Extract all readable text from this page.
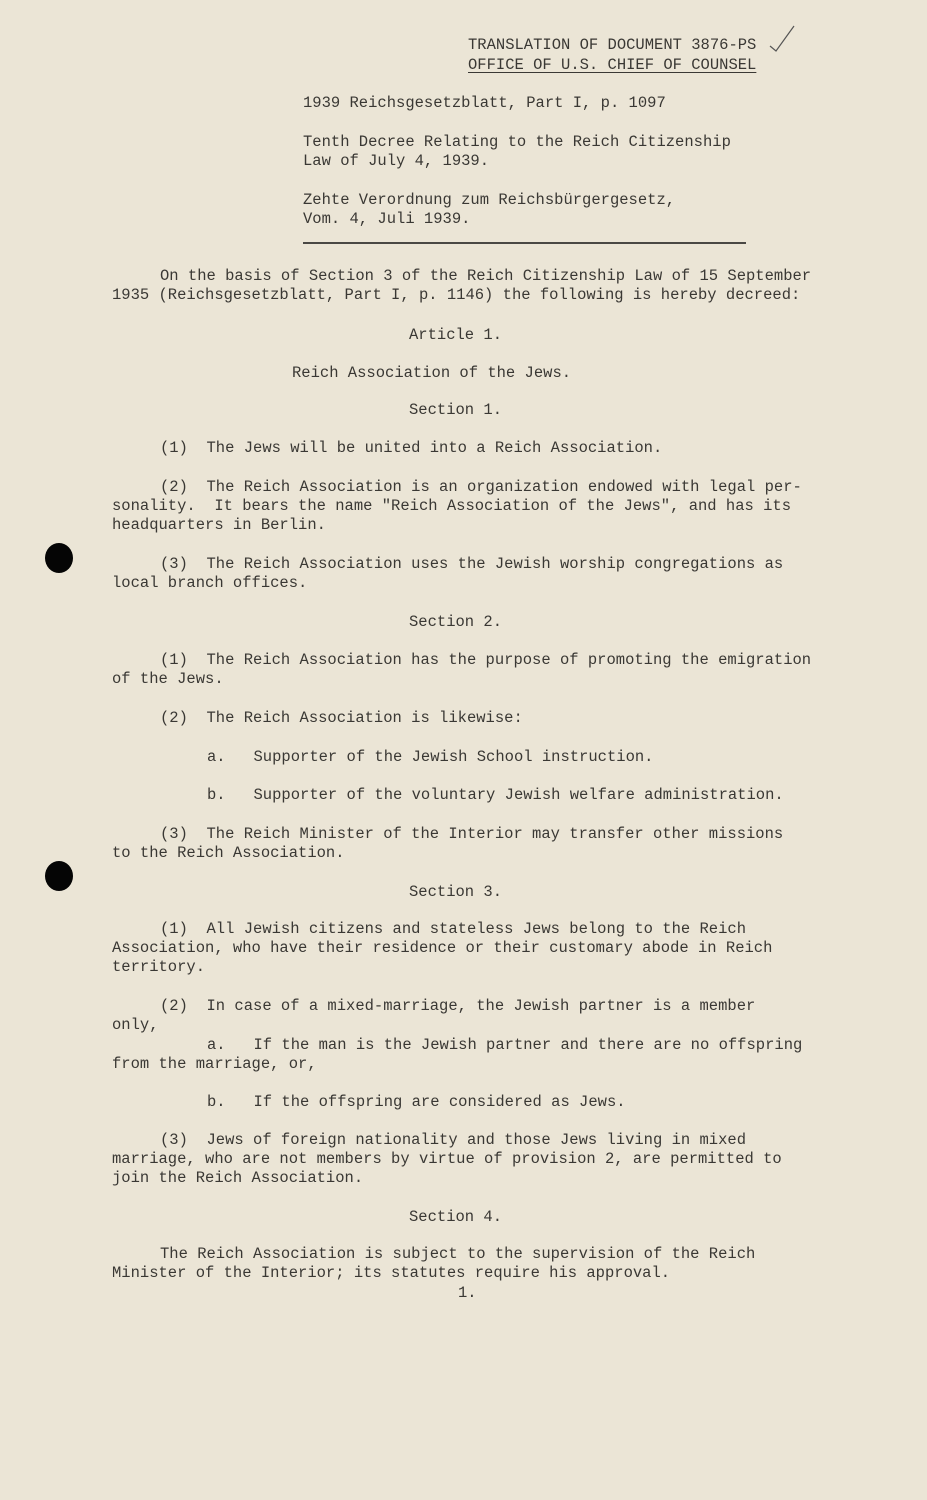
TRANSLATION OF DOCUMENT 3876-PS
OFFICE OF U.S. CHIEF OF COUNSEL
1939 Reichsgesetzblatt, Part I, p. 1097
Tenth Decree Relating to the Reich Citizenship
Law of July 4, 1939.
Zehte Verordnung zum Reichsbürgergesetz,
Vom. 4, Juli 1939.
On the basis of Section 3 of the Reich Citizenship Law of 15 September
1935 (Reichsgesetzblatt, Part I, p. 1146) the following is hereby decreed:
Article 1.
Reich Association of the Jews.
Section 1.
(1)  The Jews will be united into a Reich Association.
(2)  The Reich Association is an organization endowed with legal per-
sonality.  It bears the name "Reich Association of the Jews", and has its
headquarters in Berlin.
(3)  The Reich Association uses the Jewish worship congregations as
local branch offices.
Section 2.
(1)  The Reich Association has the purpose of promoting the emigration
of the Jews.
(2)  The Reich Association is likewise:
a.   Supporter of the Jewish School instruction.
b.   Supporter of the voluntary Jewish welfare administration.
(3)  The Reich Minister of the Interior may transfer other missions
to the Reich Association.
Section 3.
(1)  All Jewish citizens and stateless Jews belong to the Reich
Association, who have their residence or their customary abode in Reich
territory.
(2)  In case of a mixed-marriage, the Jewish partner is a member
only,
a.   If the man is the Jewish partner and there are no offspring
from the marriage, or,
b.   If the offspring are considered as Jews.
(3)  Jews of foreign nationality and those Jews living in mixed
marriage, who are not members by virtue of provision 2, are permitted to
join the Reich Association.
Section 4.
The Reich Association is subject to the supervision of the Reich
Minister of the Interior; its statutes require his approval.
1.
